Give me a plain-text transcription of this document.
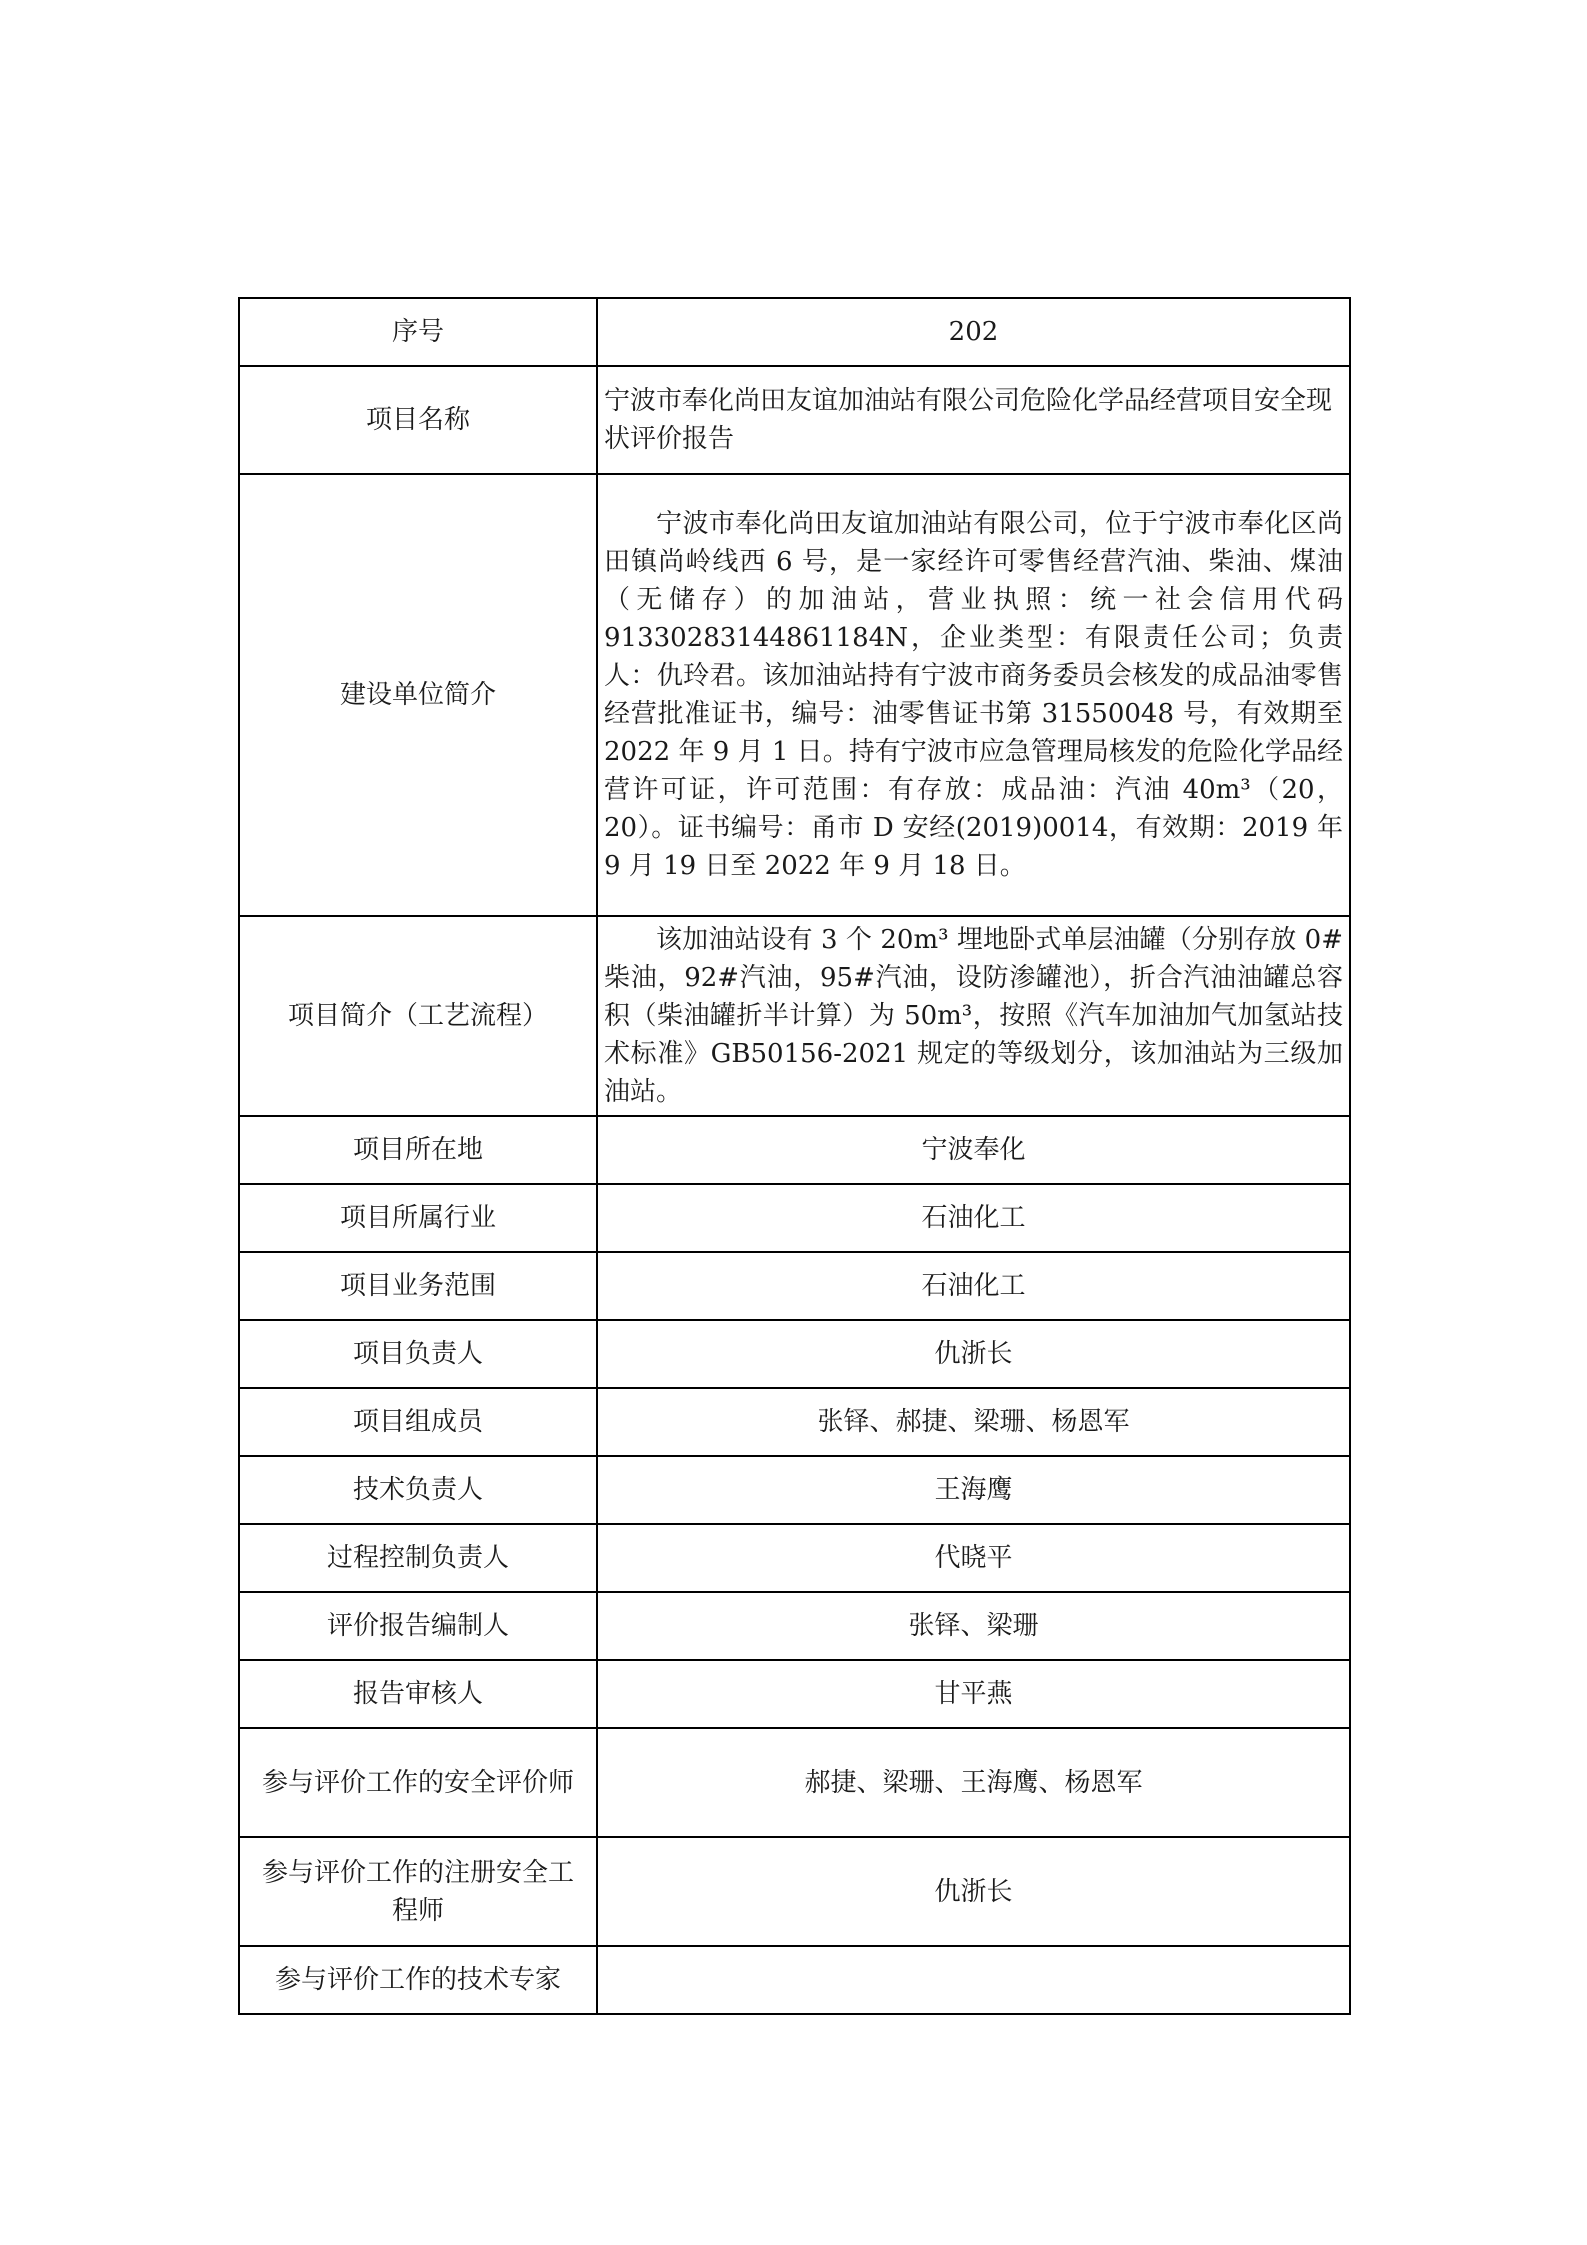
序号	202
项目名称	宁波市奉化尚田友谊加油站有限公司危险化学品经营项目安全现状评价报告
建设单位简介	宁波市奉化尚田友谊加油站有限公司，位于宁波市奉化区尚田镇尚岭线西 6 号，是一家经许可零售经营汽油、柴油、煤油（无储存）的加油站，营业执照：统一社会信用代码 91330283144861184N，企业类型：有限责任公司；负责人：仇玲君。该加油站持有宁波市商务委员会核发的成品油零售经营批准证书，编号：油零售证书第 31550048 号，有效期至 2022 年 9 月 1 日。持有宁波市应急管理局核发的危险化学品经营许可证，许可范围：有存放：成品油：汽油 40m³（20，20）。证书编号：甬市 D 安经(2019)0014，有效期：2019 年 9 月 19 日至 2022 年 9 月 18 日。
项目简介（工艺流程）	该加油站设有 3 个 20m³ 埋地卧式单层油罐（分别存放 0#柴油，92#汽油，95#汽油，设防渗罐池），折合汽油油罐总容积（柴油罐折半计算）为 50m³，按照《汽车加油加气加氢站技术标准》GB50156-2021 规定的等级划分，该加油站为三级加油站。
项目所在地	宁波奉化
项目所属行业	石油化工
项目业务范围	石油化工
项目负责人	仇浙长
项目组成员	张铎、郝捷、梁珊、杨恩军
技术负责人	王海鹰
过程控制负责人	代晓平
评价报告编制人	张铎、梁珊
报告审核人	甘平燕
参与评价工作的安全评价师	郝捷、梁珊、王海鹰、杨恩军
参与评价工作的注册安全工程师	仇浙长
参与评价工作的技术专家	
